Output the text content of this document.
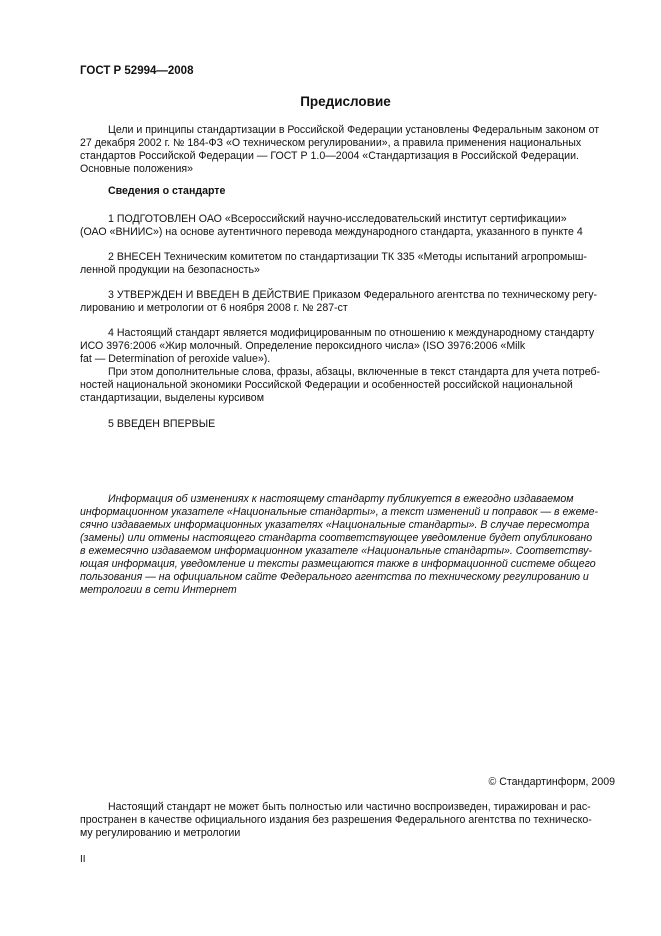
ГОСТ Р 52994—2008
Предисловие

Цели и принципы стандартизации в Российской Федерации установлены Федеральным законом от
27 декабря 2002 г. № 184-ФЗ «О техническом регулировании», а правила применения национальных
стандартов Российской Федерации — ГОСТ Р 1.0—2004 «Стандартизация в Российской Федерации.
Основные положения»

Сведения о стандарте

1 ПОДГОТОВЛЕН ОАО «Всероссийский научно-исследовательский институт сертификации»
(ОАО «ВНИИС») на основе аутентичного перевода международного стандарта, указанного в пункте 4

2 ВНЕСЕН Техническим комитетом по стандартизации ТК 335 «Методы испытаний агропромыш-
ленной продукции на безопасность»

3 УТВЕРЖДЕН И ВВЕДЕН В ДЕЙСТВИЕ Приказом Федерального агентства по техническому регу-
лированию и метрологии от 6 ноября 2008 г. № 287-ст

4 Настоящий стандарт является модифицированным по отношению к международному стандарту
ИСО 3976:2006 «Жир молочный. Определение пероксидного числа» (ISO 3976:2006 «Milk
fat — Determination of peroxide value»).

При этом дополнительные слова, фразы, абзацы, включенные в текст стандарта для учета потреб-
ностей национальной экономики Российской Федерации и особенностей российской национальной
стандартизации, выделены курсивом

5 ВВЕДЕН ВПЕРВЫЕ

Информация об изменениях к настоящему стандарту публикуется в ежегодно издаваемом
информационном указателе «Национальные стандарты», а текст изменений и поправок — в ежеме-
сячно издаваемых информационных указателях «Национальные стандарты». В случае пересмотра
(замены) или отмены настоящего стандарта соответствующее уведомление будет опубликовано
в ежемесячно издаваемом информационном указателе «Национальные стандарты». Соответству-
ющая информация, уведомление и тексты размещаются также в информационной системе общего
пользования — на официальном сайте Федерального агентства по техническому регулированию и
метрологии в сети Интернет

© Стандартинформ, 2009

Настоящий стандарт не может быть полностью или частично воспроизведен, тиражирован и рас-
пространен в качестве официального издания без разрешения Федерального агентства по техническо-
му регулированию и метрологии

II
